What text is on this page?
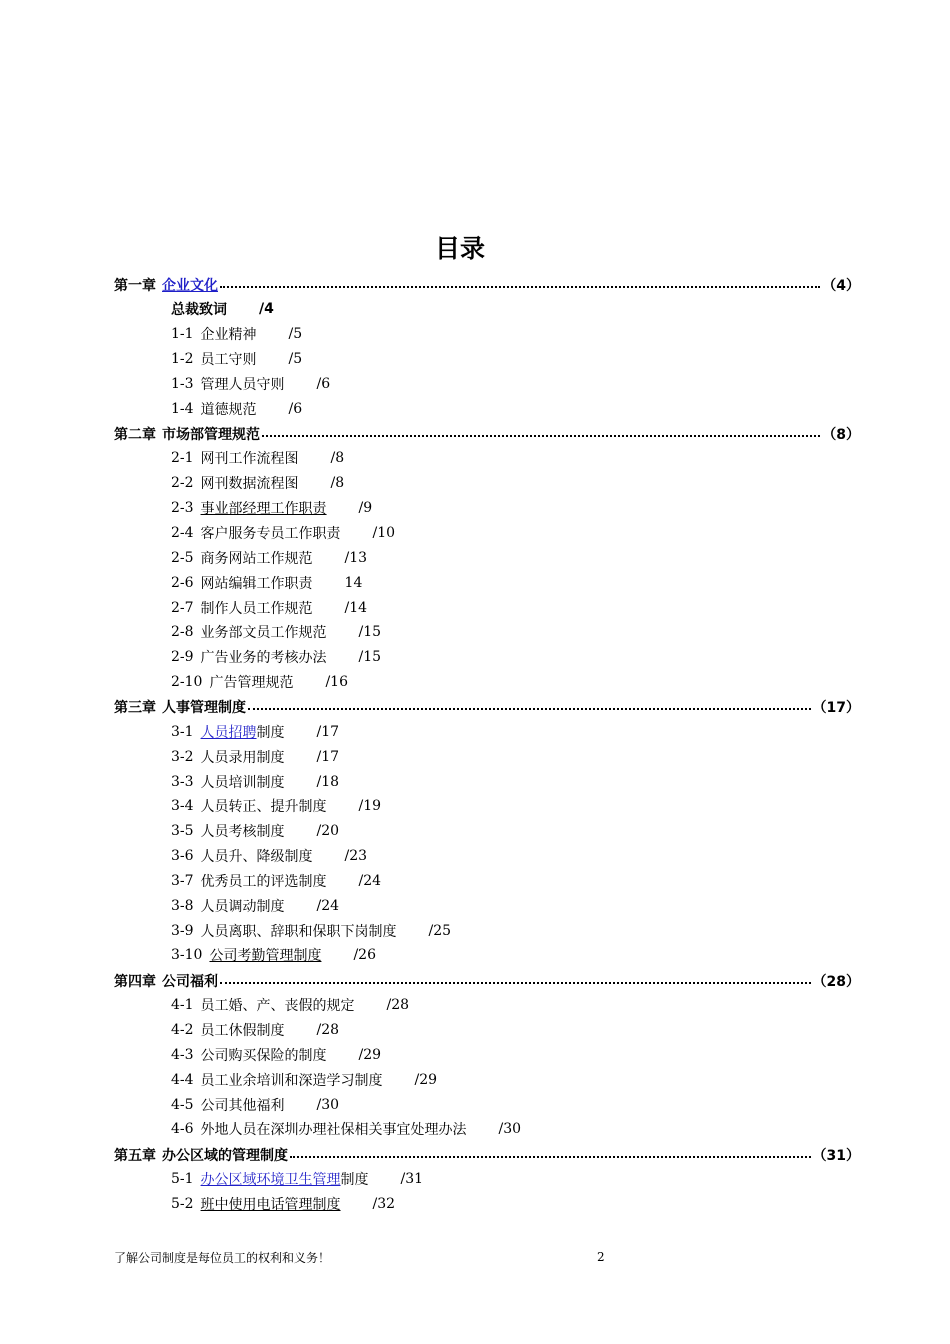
目录
第一章 企业文化	（4）
总裁致词 /4
1-1 企业精神 /5
1-2 员工守则 /5
1-3 管理人员守则 /6
1-4 道德规范 /6
第二章 市场部管理规范	（8）
2-1 网刊工作流程图 /8
2-2 网刊数据流程图 /8
2-3 事业部经理工作职责 /9
2-4 客户服务专员工作职责 /10
2-5 商务网站工作规范 /13
2-6 网站编辑工作职责 14
2-7 制作人员工作规范 /14
2-8 业务部文员工作规范 /15
2-9 广告业务的考核办法 /15
2-10 广告管理规范 /16
第三章 人事管理制度	（17）
3-1 人员招聘 制度 /17
3-2 人员录用制度 /17
3-3 人员培训制度 /18
3-4 人员转正、提升制度 /19
3-5 人员考核制度 /20
3-6 人员升、降级制度 /23
3-7 优秀员工的评选制度 /24
3-8 人员调动制度 /24
3-9 人员离职、辞职和保职下岗制度 /25
3-10 公司考勤管理制度 /26
第四章 公司福利	（28）
4-1 员工婚、产、丧假的规定 /28
4-2 员工休假制度 /28
4-3 公司购买保险的制度 /29
4-4 员工业余培训和深造学习制度 /29
4-5 公司其他福利 /30
4-6 外地人员在深圳办理社保相关事宜处理办法 /30
第五章 办公区域的管理制度	（31）
5-1 办公区域环境卫生管理 制度 /31
5-2 班中使用电话管理制度 /32
了解公司制度是每位员工的权利和义务！	2
